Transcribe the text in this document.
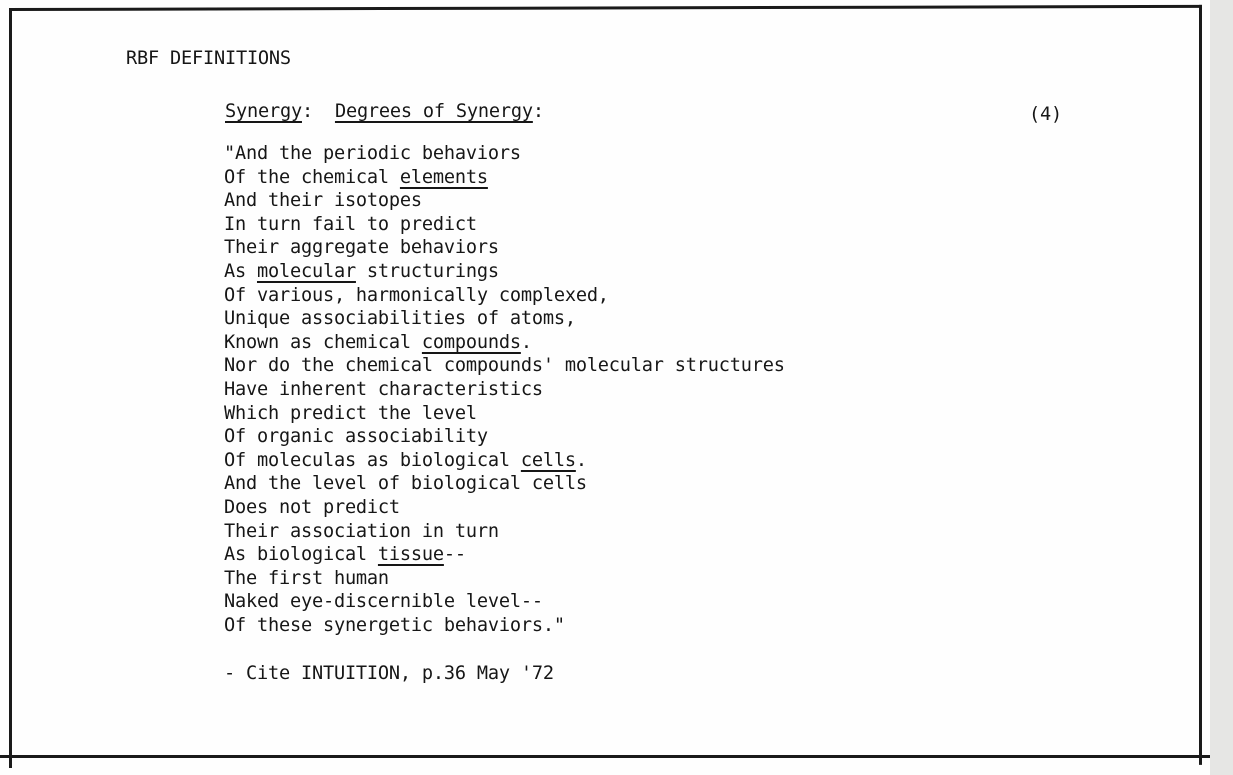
RBF DEFINITIONS
Synergy:  Degrees of Synergy:	(4)
"And the periodic behaviors
Of the chemical elements
And their isotopes
In turn fail to predict
Their aggregate behaviors
As molecular structurings
Of various, harmonically complexed,
Unique associabilities of atoms,
Known as chemical compounds.
Nor do the chemical compounds' molecular structures
Have inherent characteristics
Which predict the level
Of organic associability
Of moleculas as biological cells.
And the level of biological cells
Does not predict
Their association in turn
As biological tissue--
The first human
Naked eye-discernible level--
Of these synergetic behaviors."
- Cite INTUITION, p.36 May '72
